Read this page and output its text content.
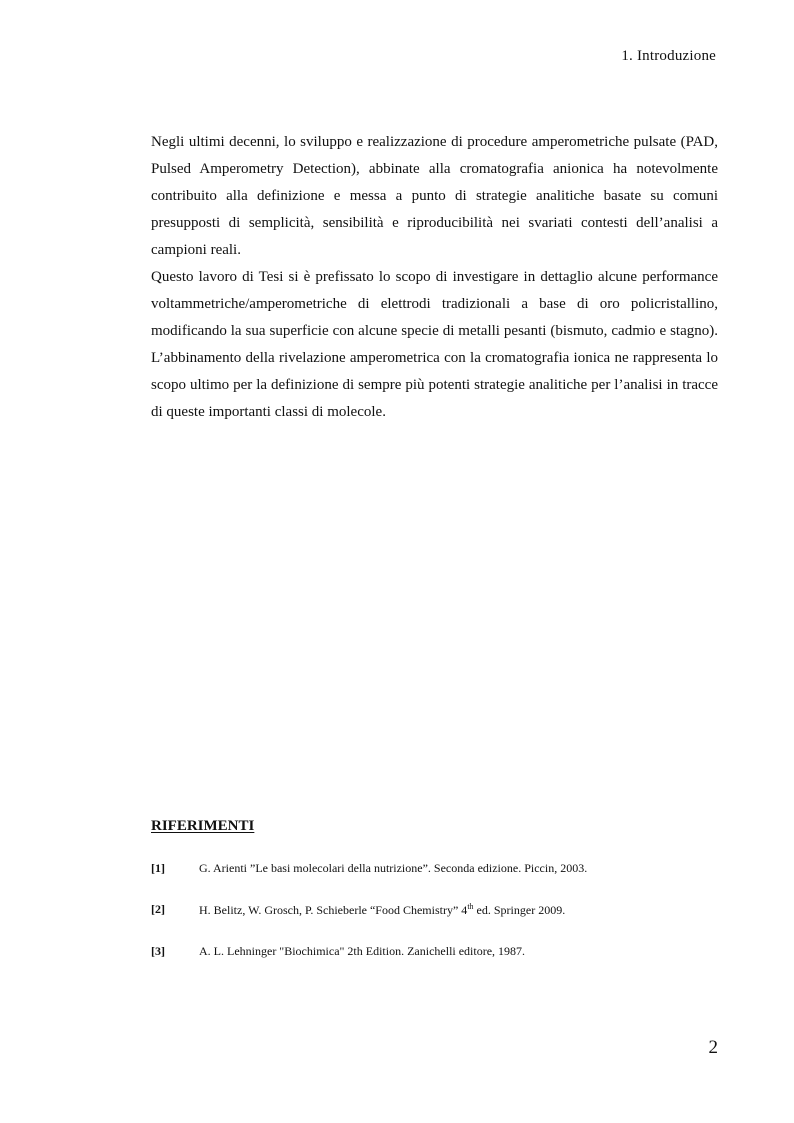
1. Introduzione

Negli ultimi decenni, lo sviluppo e realizzazione di procedure amperometriche pulsate (PAD, Pulsed Amperometry Detection), abbinate alla cromatografia anionica ha notevolmente contribuito alla definizione e messa a punto di strategie analitiche basate su comuni presupposti di semplicità, sensibilità e riproducibilità nei svariati contesti dell’analisi a campioni reali.

Questo lavoro di Tesi si è prefissato lo scopo di investigare in dettaglio alcune performance voltammetriche/amperometriche di elettrodi tradizionali a base di oro policristallino, modificando la sua superficie con alcune specie di metalli pesanti (bismuto, cadmio e stagno). L’abbinamento della rivelazione amperometrica con la cromatografia ionica ne rappresenta lo scopo ultimo per la definizione di sempre più potenti strategie analitiche per l’analisi in tracce di queste importanti classi di molecole.

RIFERIMENTI
[1]	G. Arienti ”Le basi molecolari della nutrizione”. Seconda edizione. Piccin, 2003.
[2]	H. Belitz, W. Grosch, P. Schieberle “Food Chemistry” 4th ed. Springer 2009.
[3]	A. L. Lehninger "Biochimica" 2th Edition. Zanichelli editore, 1987.
2
